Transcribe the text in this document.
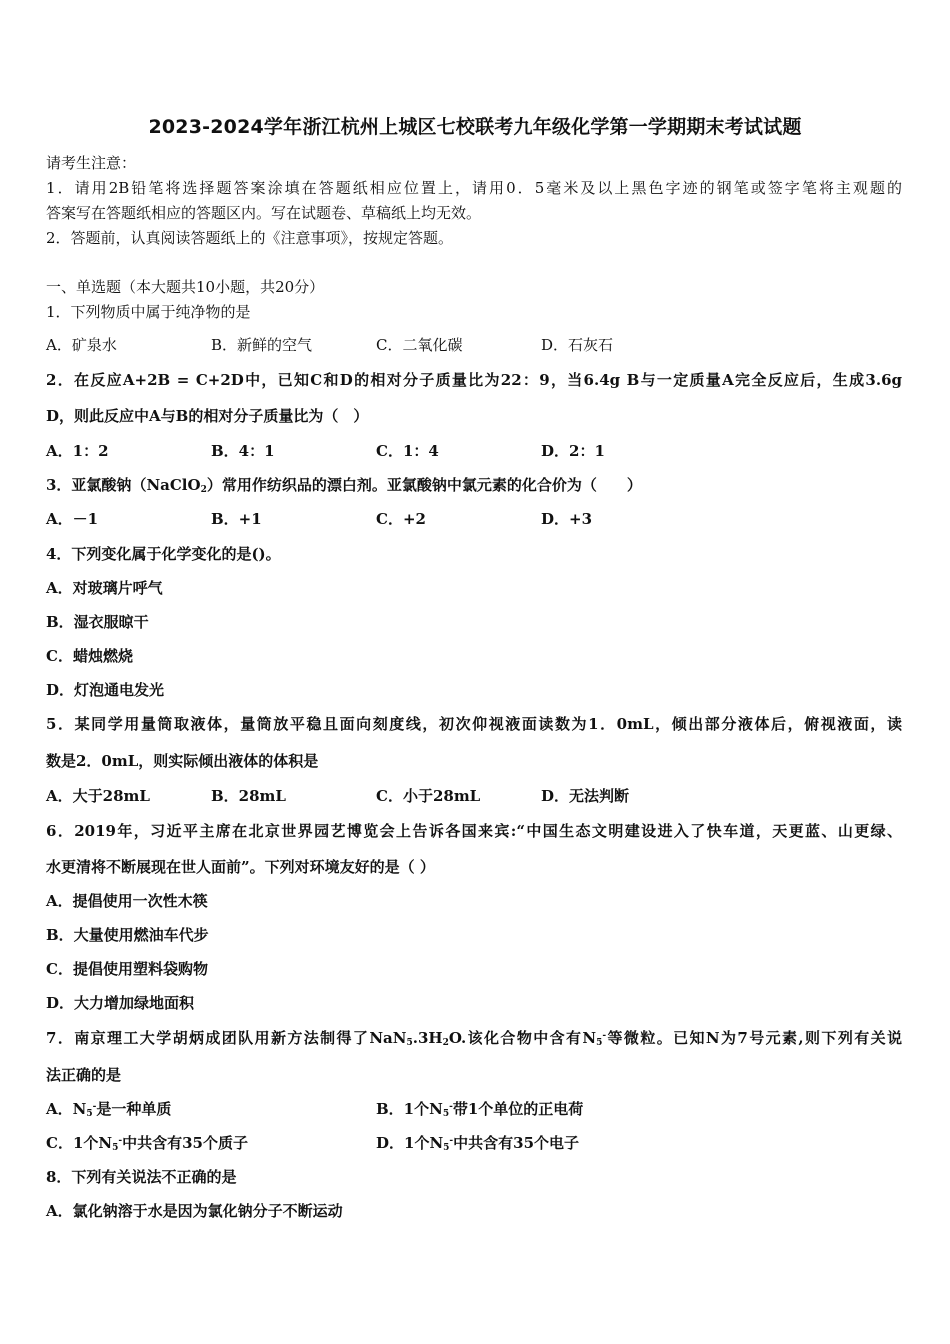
2023-2024学年浙江杭州上城区七校联考九年级化学第一学期期末考试试题
请考生注意：
1．请用2B铅笔将选择题答案涂填在答题纸相应位置上，请用0．5毫米及以上黑色字迹的钢笔或签字笔将主观题的
答案写在答题纸相应的答题区内。写在试题卷、草稿纸上均无效。
2．答题前，认真阅读答题纸上的《注意事项》，按规定答题。
一、单选题（本大题共10小题，共20分）
1．下列物质中属于纯净物的是
A．矿泉水	B．新鲜的空气	C．二氧化碳	D．石灰石
2．在反应A+2B = C+2D中，已知C和D的相对分子质量比为22：9，当6.4g B与一定质量A完全反应后，生成3.6g
D，则此反应中A与B的相对分子质量比为（　）
A．1：2	B．4：1	C．1：4	D．2：1
3．亚氯酸钠（NaClO$_2$）常用作纺织品的漂白剂。亚氯酸钠中氯元素的化合价为（　　）
A．－1	B．+1	C．+2	D．+3
4．下列变化属于化学变化的是()。
A．对玻璃片呼气
B．湿衣服晾干
C．蜡烛燃烧
D．灯泡通电发光
5．某同学用量筒取液体，量筒放平稳且面向刻度线，初次仰视液面读数为1．0mL，倾出部分液体后，俯视液面，读
数是2．0mL，则实际倾出液体的体积是
A．大于28mL	B．28mL	C．小于28mL	D．无法判断
6．2019年，习近平主席在北京世界园艺博览会上告诉各国来宾:“中国生态文明建设进入了快车道，天更蓝、山更绿、
水更清将不断展现在世人面前”。下列对环境友好的是（ ）
A．提倡使用一次性木筷
B．大量使用燃油车代步
C．提倡使用塑料袋购物
D．大力增加绿地面积
7．南京理工大学胡炳成团队用新方法制得了$NaN_5.3H_2O$.该化合物中含有$N_5^-$等微粒。已知N为7号元素,则下列有关说
法正确的是
A．$N_5^-$是一种单质	B．1个$N_5^-$带1个单位的正电荷
C．1个$N_5^-$中共含有35个质子	D．1个$N_5^-$中共含有35个电子
8．下列有关说法不正确的是
A．氯化钠溶于水是因为氯化钠分子不断运动
